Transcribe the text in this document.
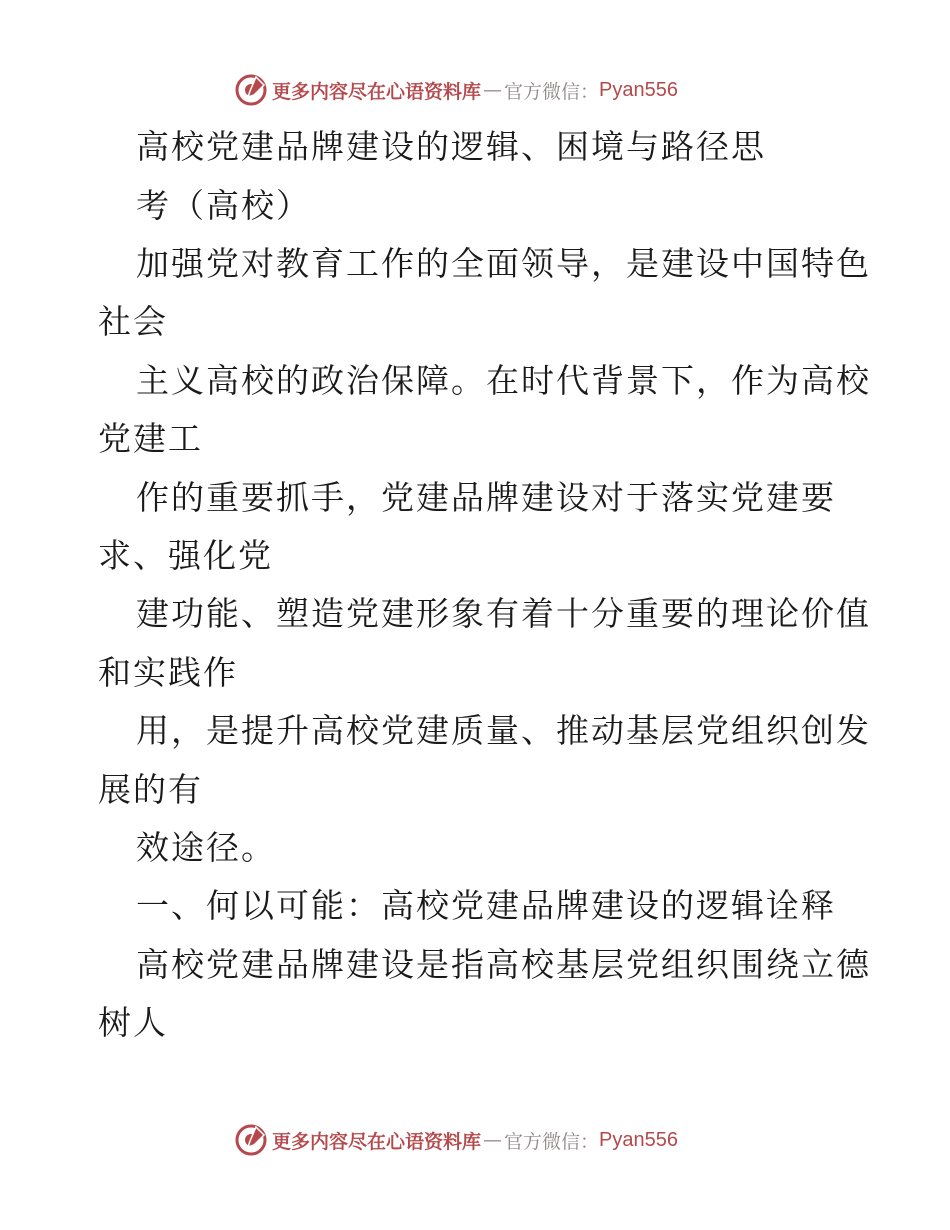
更多内容尽在心语资料库 — 官方微信： Pyan556
高校党建品牌建设的逻辑、困境与路径思
考（高校）
加强党对教育工作的全面领导，是建设中国特色
社会
主义高校的政治保障。在时代背景下，作为高校
党建工
作的重要抓手，党建品牌建设对于落实党建要
求、强化党
建功能、塑造党建形象有着十分重要的理论价值
和实践作
用，是提升高校党建质量、推动基层党组织创发
展的有
效途径。
一、何以可能：高校党建品牌建设的逻辑诠释
高校党建品牌建设是指高校基层党组织围绕立德
树人
更多内容尽在心语资料库 — 官方微信： Pyan556
